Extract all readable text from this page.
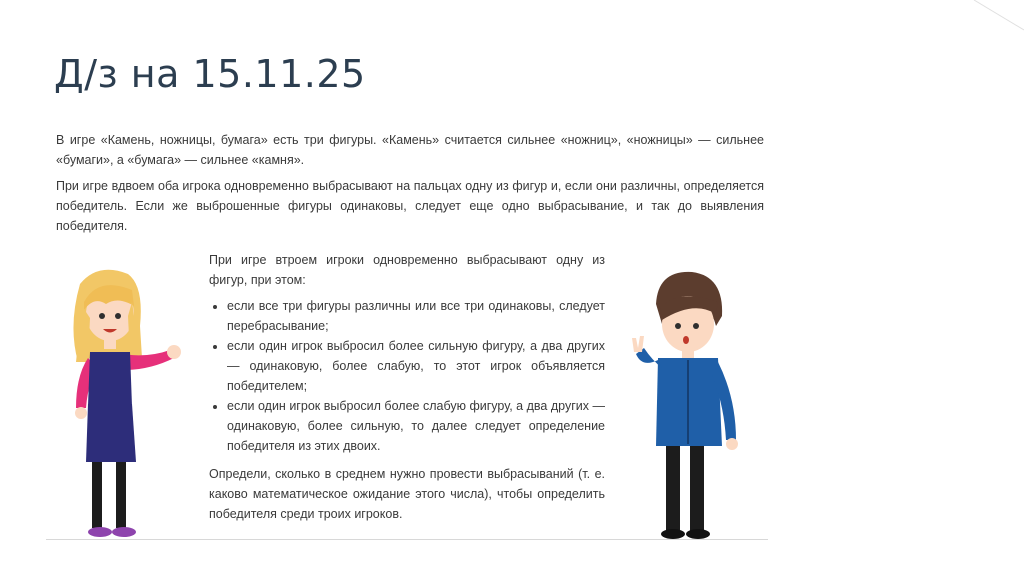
Д/з на 15.11.25

В игре «Камень, ножницы, бумага» есть три фигуры. «Камень» считается сильнее «ножниц», «ножницы» — сильнее «бумаги», а «бумага» — сильнее «камня».

При игре вдвоем оба игрока одновременно выбрасывают на пальцах одну из фигур и, если они различны, определяется победитель. Если же выброшенные фигуры одинаковы, следует еще одно выбрасывание, и так до выявления победителя.

При игре втроем игроки одновременно выбрасывают одну из фигур, при этом:

• если все три фигуры различны или все три одинаковы, следует перебрасывание;
• если один игрок выбросил более сильную фигуру, а два других — одинаковую, более слабую, то этот игрок объявляется победителем;
• если один игрок выбросил более слабую фигуру, а два других — одинаковую, более сильную, то далее следует определение победителя из этих двоих.

Определи, сколько в среднем нужно провести выбрасываний (т. е. каково математическое ожидание этого числа), чтобы определить победителя среди троих игроков.
